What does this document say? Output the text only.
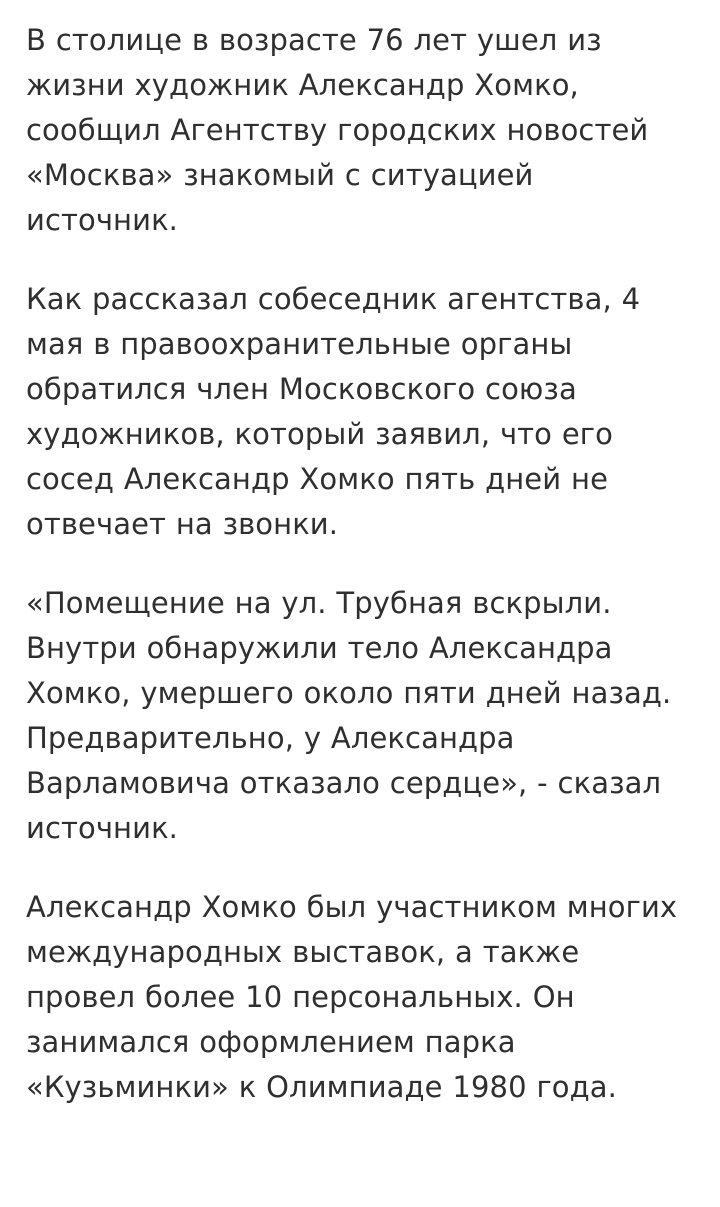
В столице в возрасте 76 лет ушел из жизни художник Александр Хомко, сообщил Агентству городских новостей «Москва» знакомый с ситуацией источник.

Как рассказал собеседник агентства, 4 мая в правоохранительные органы обратился член Московского союза художников, который заявил, что его сосед Александр Хомко пять дней не отвечает на звонки.

«Помещение на ул. Трубная вскрыли. Внутри обнаружили тело Александра Хомко, умершего около пяти дней назад. Предварительно, у Александра Варламовича отказало сердце», - сказал источник.

Александр Хомко был участником многих международных выставок, а также провел более 10 персональных. Он занимался оформлением парка «Кузьминки» к Олимпиаде 1980 года.
